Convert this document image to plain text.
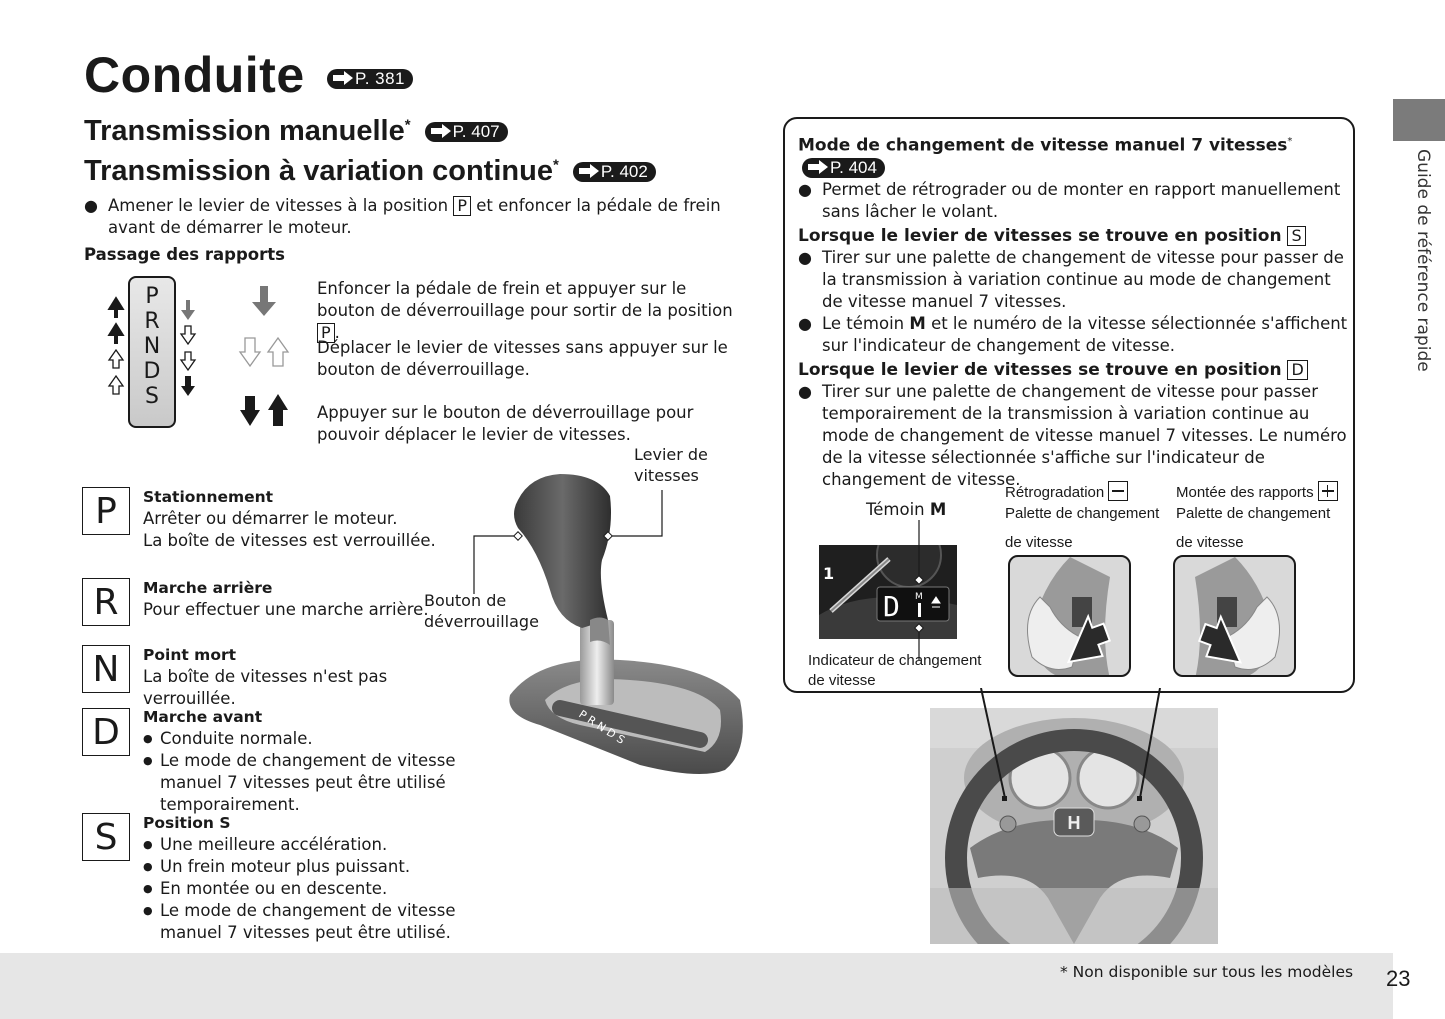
Conduite	P. 381
Transmission manuelle* P. 407
Transmission à variation continue* P. 402
● Amener le levier de vitesses à la position P et enfoncer la pédale de frein avant de démarrer le moteur.
Passage des rapports
P
R
N
D
S
Enfoncer la pédale de frein et appuyer sur le bouton de déverrouillage pour sortir de la position P .
Déplacer le levier de vitesses sans appuyer sur le bouton de déverrouillage.
Appuyer sur le bouton de déverrouillage pour pouvoir déplacer le levier de vitesses.
P	Stationnement
Arrêter ou démarrer le moteur.
La boîte de vitesses est verrouillée.
R	Marche arrière
Pour effectuer une marche arrière.
N	Point mort
La boîte de vitesses n'est pas verrouillée.
D	Marche avant
● Conduite normale.
● Le mode de changement de vitesse manuel 7 vitesses peut être utilisé temporairement.
S	Position S
● Une meilleure accélération.
● Un frein moteur plus puissant.
● En montée ou en descente.
● Le mode de changement de vitesse manuel 7 vitesses peut être utilisé.
P R N D S
Levier de vitesses
Bouton de déverrouillage
Mode de changement de vitesse manuel 7 vitesses* P. 404
● Permet de rétrograder ou de monter en rapport manuellement sans lâcher le volant.
Lorsque le levier de vitesses se trouve en position S
● Tirer sur une palette de changement de vitesse pour passer de la transmission à variation continue au mode de changement de vitesse manuel 7 vitesses.
● Le témoin M et le numéro de la vitesse sélectionnée s'affichent sur l'indicateur de changement de vitesse.
Lorsque le levier de vitesses se trouve en position D
● Tirer sur une palette de changement de vitesse pour passer temporairement de la transmission à variation continue au mode de changement de vitesse manuel 7 vitesses. Le numéro de la vitesse sélectionnée s'affiche sur l'indicateur de changement de vitesse.
Témoin M
1
D M
Indicateur de changement de vitesse
Rétrogradation
Palette de changement de vitesse
Montée des rapports
Palette de changement de vitesse
H
Guide de référence rapide
* Non disponible sur tous les modèles 23
